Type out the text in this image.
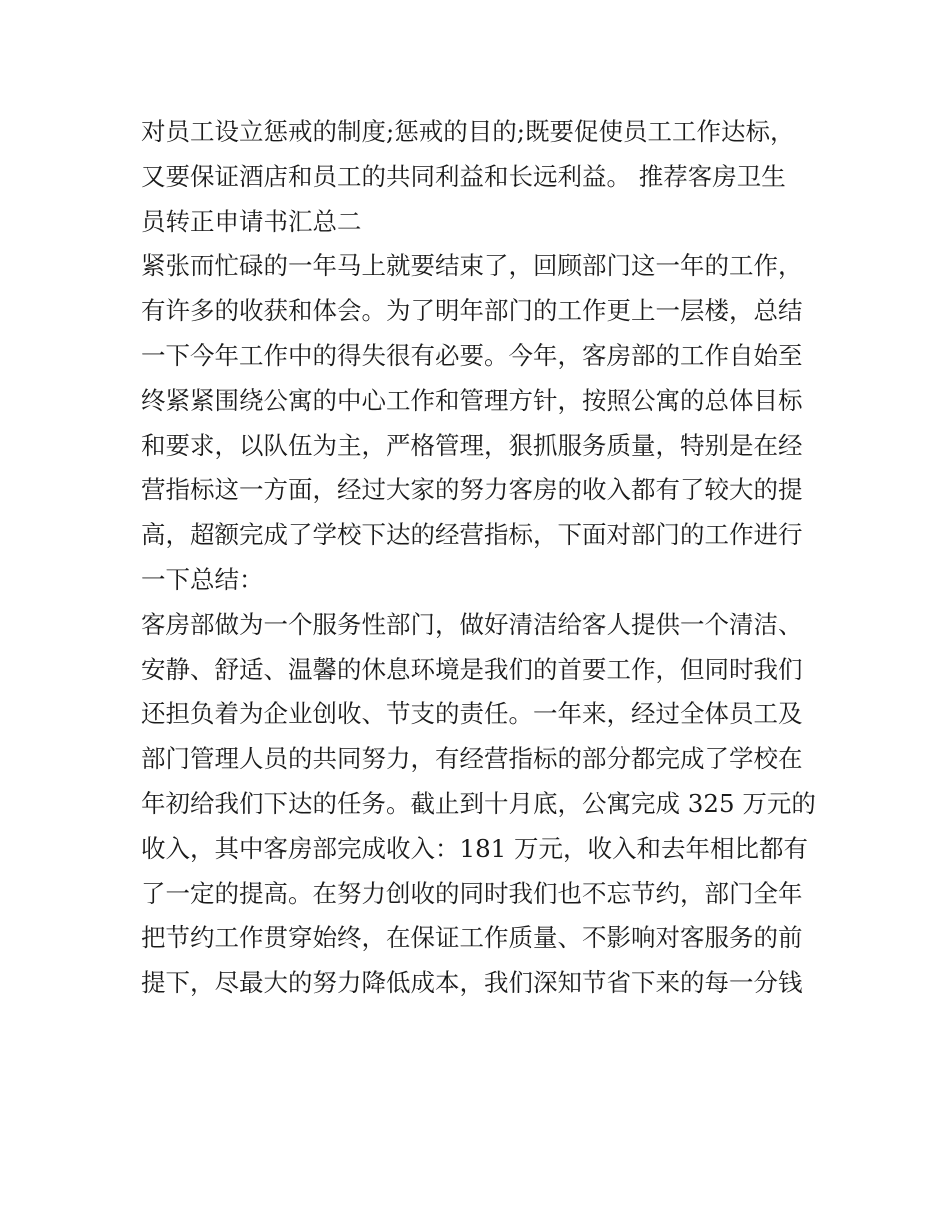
对员工设立惩戒的制度;惩戒的目的;既要促使员工工作达标，
又要保证酒店和员工的共同利益和长远利益。 推荐客房卫生
员转正申请书汇总二
紧张而忙碌的一年马上就要结束了，回顾部门这一年的工作，
有许多的收获和体会。为了明年部门的工作更上一层楼，总结
一下今年工作中的得失很有必要。今年，客房部的工作自始至
终紧紧围绕公寓的中心工作和管理方针，按照公寓的总体目标
和要求，以队伍为主，严格管理，狠抓服务质量，特别是在经
营指标这一方面，经过大家的努力客房的收入都有了较大的提
高，超额完成了学校下达的经营指标，下面对部门的工作进行
一下总结：
客房部做为一个服务性部门，做好清洁给客人提供一个清洁、
安静、舒适、温馨的休息环境是我们的首要工作，但同时我们
还担负着为企业创收、节支的责任。一年来，经过全体员工及
部门管理人员的共同努力，有经营指标的部分都完成了学校在
年初给我们下达的任务。截止到十月底，公寓完成 325 万元的
收入，其中客房部完成收入：181 万元，收入和去年相比都有
了一定的提高。在努力创收的同时我们也不忘节约，部门全年
把节约工作贯穿始终，在保证工作质量、不影响对客服务的前
提下，尽最大的努力降低成本，我们深知节省下来的每一分钱
